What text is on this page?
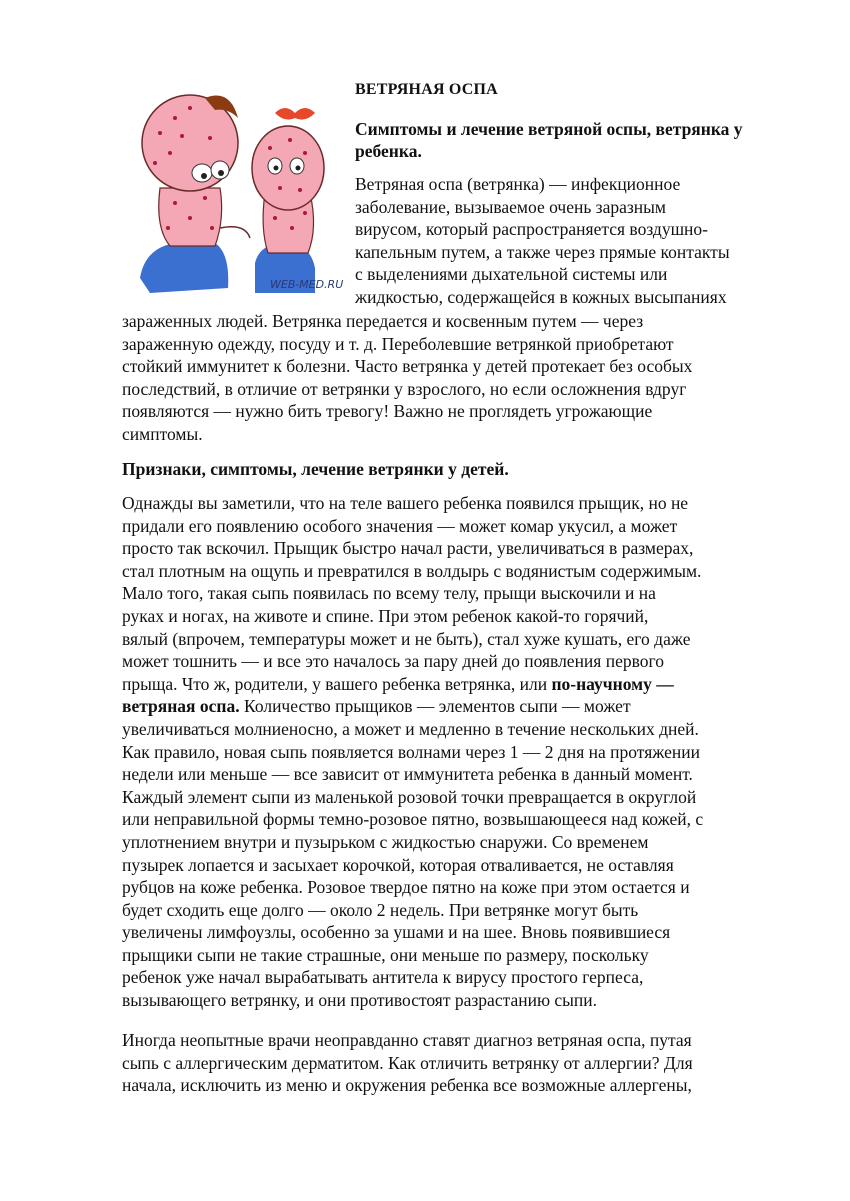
WEB-MED.RU
ВЕТРЯНАЯ ОСПА
Симптомы и лечение ветряной оспы, ветрянка у ребенка.
Ветряная оспа (ветрянка) — инфекционное
заболевание, вызываемое очень заразным
вирусом, который распространяется воздушно-
капельным путем, а также через прямые контакты
с выделениями дыхательной системы или
жидкостью, содержащейся в кожных высыпаниях
зараженных людей. Ветрянка передается и косвенным путем — через
зараженную одежду, посуду и т. д. Переболевшие ветрянкой приобретают
стойкий иммунитет к болезни. Часто ветрянка у детей протекает без особых
последствий, в отличие от ветрянки у взрослого, но если осложнения вдруг
появляются — нужно бить тревогу! Важно не проглядеть угрожающие
симптомы.
Признаки, симптомы, лечение ветрянки у детей.
Однажды вы заметили, что на теле вашего ребенка появился прыщик, но не
придали его появлению особого значения — может комар укусил, а может
просто так вскочил. Прыщик быстро начал расти, увеличиваться в размерах,
стал плотным на ощупь и превратился в волдырь с водянистым содержимым.
Мало того, такая сыпь появилась по всему телу, прыщи выскочили и на
руках и ногах, на животе и спине. При этом ребенок какой-то горячий,
вялый (впрочем, температуры может и не быть), стал хуже кушать, его даже
может тошнить — и все это началось за пару дней до появления первого
прыща. Что ж, родители, у вашего ребенка ветрянка, или по-научному —
ветряная оспа. Количество прыщиков — элементов сыпи — может
увеличиваться молниеносно, а может и медленно в течение нескольких дней.
Как правило, новая сыпь появляется волнами через 1 — 2 дня на протяжении
недели или меньше — все зависит от иммунитета ребенка в данный момент.
Каждый элемент сыпи из маленькой розовой точки превращается в округлой
или неправильной формы темно-розовое пятно, возвышающееся над кожей, с
уплотнением внутри и пузырьком с жидкостью снаружи. Со временем
пузырек лопается и засыхает корочкой, которая отваливается, не оставляя
рубцов на коже ребенка. Розовое твердое пятно на коже при этом остается и
будет сходить еще долго — около 2 недель. При ветрянке могут быть
увеличены лимфоузлы, особенно за ушами и на шее. Вновь появившиеся
прыщики сыпи не такие страшные, они меньше по размеру, поскольку
ребенок уже начал вырабатывать антитела к вирусу простого герпеса,
вызывающего ветрянку, и они противостоят разрастанию сыпи.
Иногда неопытные врачи неоправданно ставят диагноз ветряная оспа, путая
сыпь с аллергическим дерматитом. Как отличить ветрянку от аллергии? Для
начала, исключить из меню и окружения ребенка все возможные аллергены,
